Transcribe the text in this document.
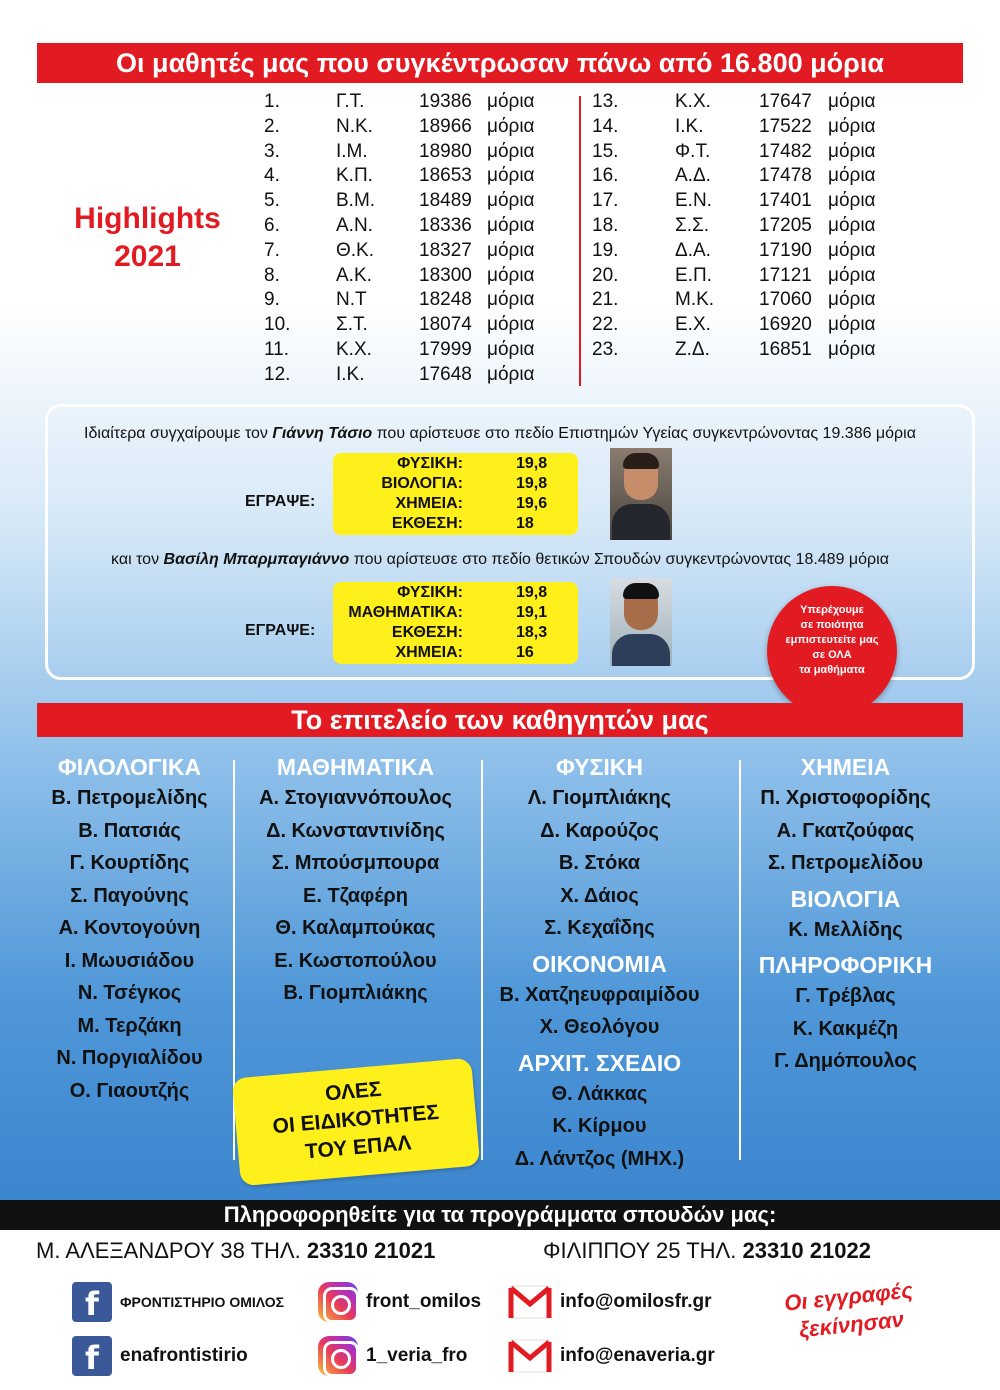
Οι μαθητές μας που συγκέντρωσαν πάνω από 16.800 μόρια
Highlights
2021
1.	Γ.Τ.	19386 μόρια
2.	Ν.Κ. 18966 μόρια
3.	Ι.Μ.	18980 μόρια
4.	Κ.Π. 18653 μόρια
5.	Β.Μ. 18489 μόρια
6.	Α.Ν. 18336 μόρια
7.	Θ.Κ. 18327 μόρια
8.	Α.Κ. 18300 μόρια
9.	Ν.Τ	18248 μόρια
10. Σ.Τ.	18074 μόρια
11. Κ.Χ. 17999 μόρια
12. Ι.Κ.	17648 μόρια
13.	Κ.Χ.	17647 μόρια
14.	Ι.Κ.	17522 μόρια
15.	Φ.Τ.	17482 μόρια
16.	Α.Δ.	17478 μόρια
17.	Ε.Ν. 17401 μόρια
18.	Σ.Σ.	17205 μόρια
19.	Δ.Α.	17190 μόρια
20.	Ε.Π. 17121 μόρια
21.	Μ.Κ. 17060 μόρια
22.	Ε.Χ.	16920 μόρια
23.	Ζ.Δ.	16851 μόρια
Ιδιαίτερα συγχαίρουμε τον Γιάννη Τάσιο που αρίστευσε στο πεδίο Επιστημών Υγείας συγκεντρώνοντας 19.386 μόρια
ΕΓΡΑΨΕ:
ΦΥΣΙΚΗ:	19,8
ΒΙΟΛΟΓΙΑ:	19,8
ΧΗΜΕΙΑ:	19,6
ΕΚΘΕΣΗ:	18
και τον Βασίλη Μπαρμπαγιάννο που αρίστευσε στο πεδίο θετικών Σπουδών συγκεντρώνοντας 18.489 μόρια
ΕΓΡΑΨΕ:
ΦΥΣΙΚΗ:	19,8
ΜΑΘΗΜΑΤΙΚΑ:	19,1
ΕΚΘΕΣΗ:	18,3
ΧΗΜΕΙΑ:	16
Υπερέχουμε
σε ποιότητα
εμπιστευτείτε μας
σε ΟΛΑ
τα μαθήματα
Το επιτελείο των καθηγητών μας
ΦΙΛΟΛΟΓΙΚΑ
Β. Πετρομελίδης
Β. Πατσιάς
Γ. Κουρτίδης
Σ. Παγούνης
Α. Κοντογούνη
Ι. Μωυσιάδου
Ν. Τσέγκος
Μ. Τερζάκη
Ν. Ποργιαλίδου
Ο. Γιαουτζής
ΜΑΘΗΜΑΤΙΚΑ
Α. Στογιαννόπουλος
Δ. Κωνσταντινίδης
Σ. Μπούσμπουρα
Ε. Τζαφέρη
Θ. Καλαμπούκας
Ε. Κωστοπούλου
Β. Γιομπλιάκης
ΦΥΣΙΚΗ
Λ. Γιομπλιάκης
Δ. Καρούζος
Β. Στόκα
Χ. Δάιος
Σ. Κεχαΐδης
ΟΙΚΟΝΟΜΙΑ
Β. Χατζηευφραιμίδου
Χ. Θεολόγου
ΑΡΧΙΤ. ΣΧΕΔΙΟ
Θ. Λάκκας
Κ. Κίρμου
Δ. Λάντζος (ΜΗΧ.)
ΧΗΜΕΙΑ
Π. Χριστοφορίδης
Α. Γκατζούφας
Σ. Πετρομελίδου
ΒΙΟΛΟΓΙΑ
Κ. Μελλίδης
ΠΛΗΡΟΦΟΡΙΚΗ
Γ. Τρέβλας
Κ. Κακμέζη
Γ. Δημόπουλος
ΟΛΕΣ
ΟΙ ΕΙΔΙΚΟΤΗΤΕΣ
ΤΟΥ ΕΠΑΛ
Πληροφορηθείτε για τα προγράμματα σπουδών μας:
Μ. ΑΛΕΞΑΝΔΡΟΥ 38 ΤΗΛ. 23310 21021	ΦΙΛΙΠΠΟΥ 25 ΤΗΛ. 23310 21022
f	ΦΡΟΝΤΙΣΤΗΡΙΟ ΟΜΙΛΟΣ
f	enafrontistirio
front_omilos
1_veria_fro
info@omilosfr.gr
info@enaveria.gr
Οι εγγραφές
ξεκίνησαν
